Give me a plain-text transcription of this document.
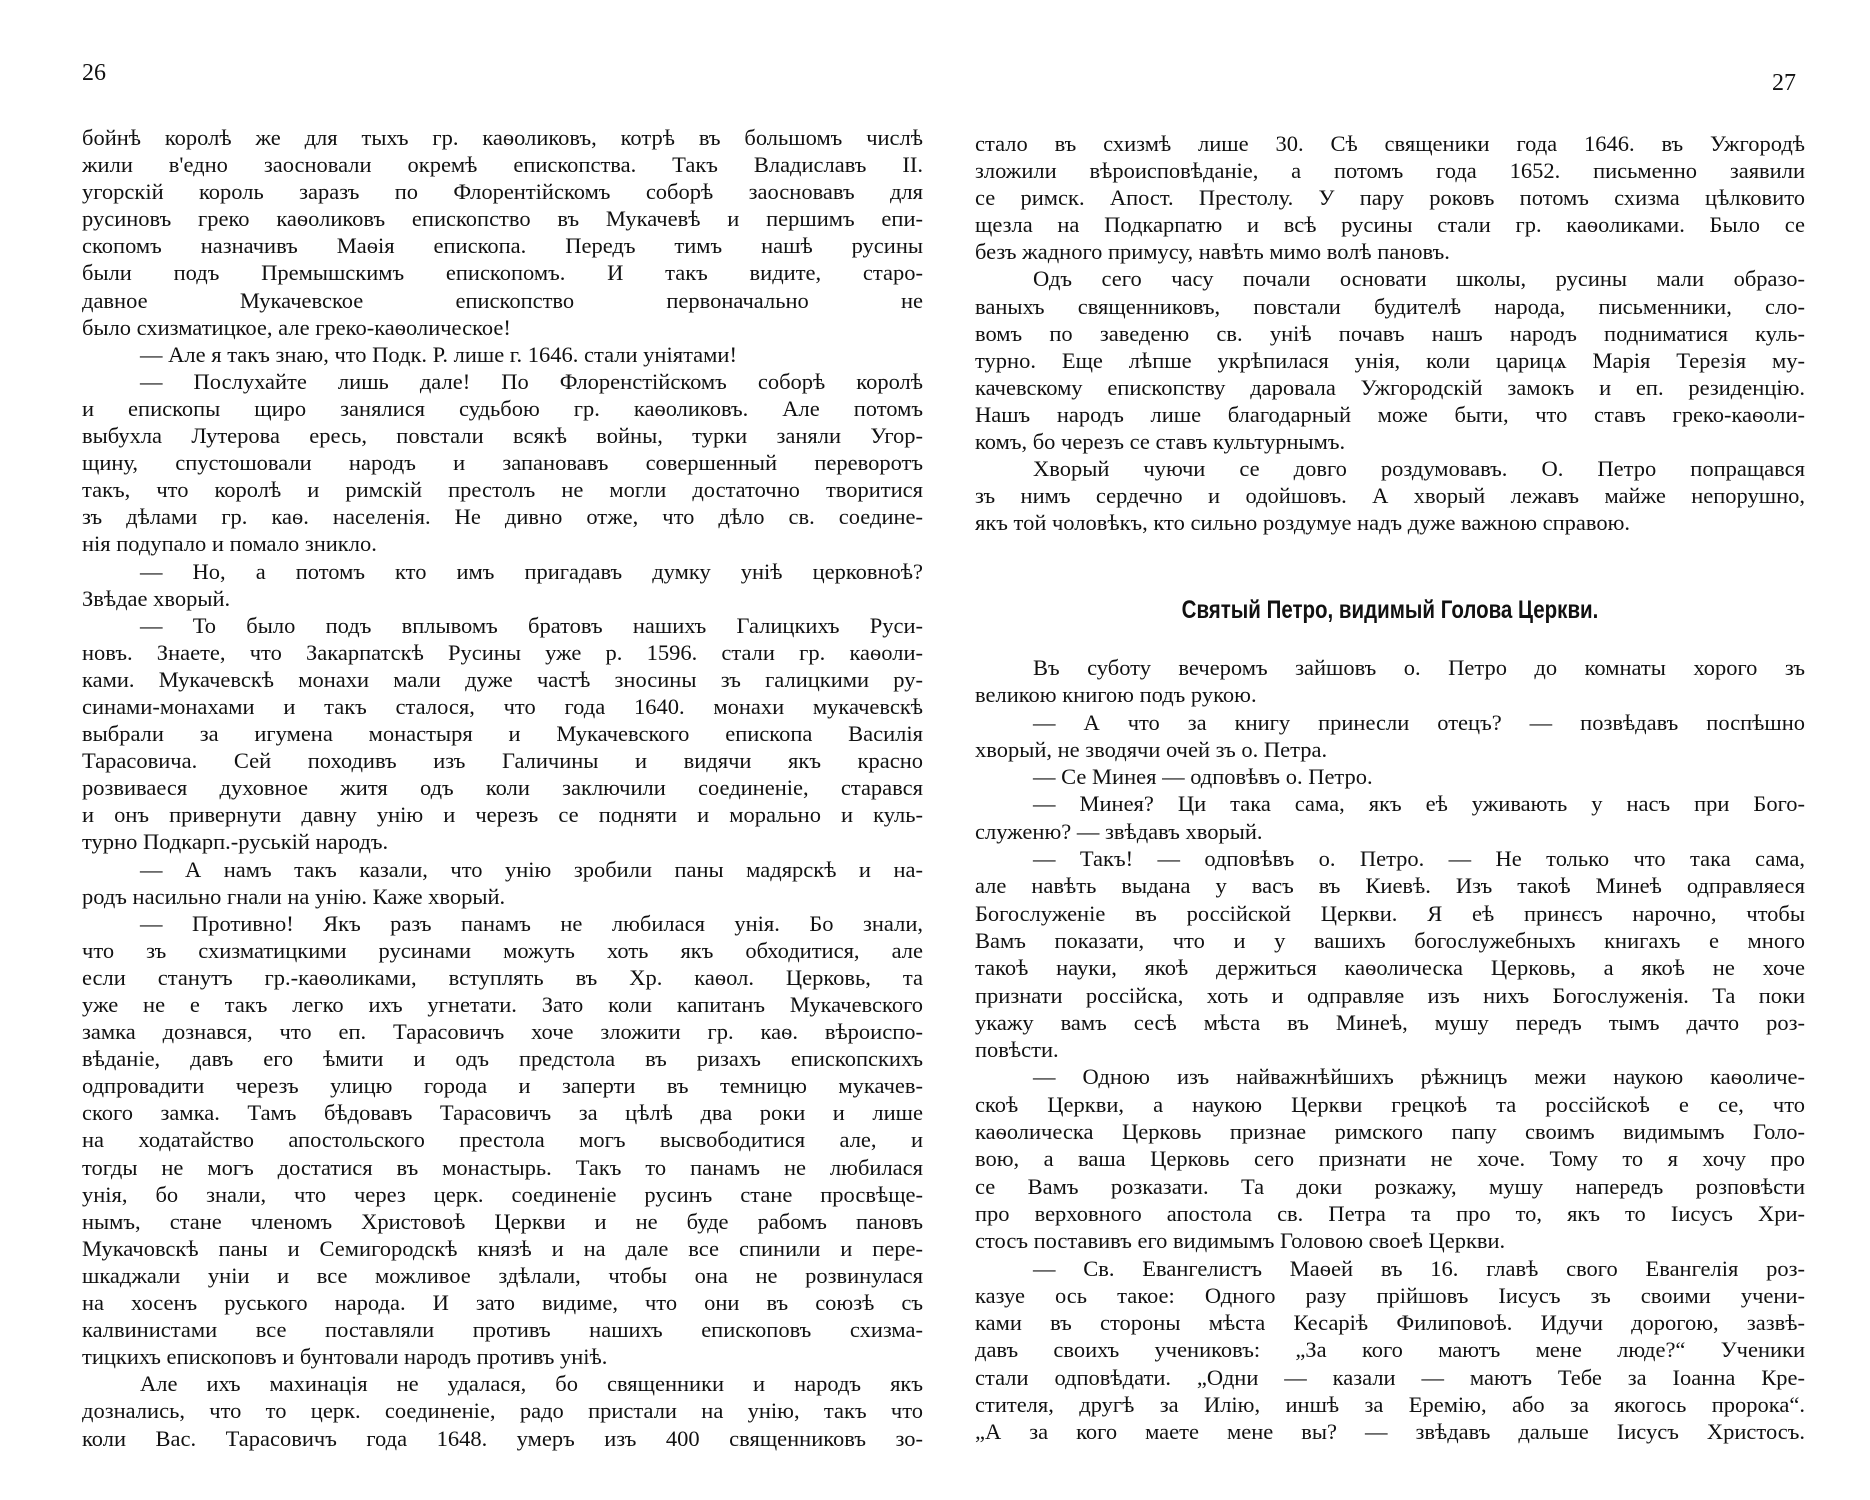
26	27
бойнѣ королѣ же для тыхъ гр. каѳоликовъ, котрѣ въ большомъ числѣ
жили в'едно заосновали окремѣ епископства. Такъ Владиславъ II.
угорскій король заразъ по Флорентійскомъ соборѣ заосновавъ для
русиновъ греко каѳоликовъ епископство въ Мукачевѣ и першимъ епи-
скопомъ назначивъ Маѳія епископа. Передъ тимъ нашѣ русины
были подъ Премышскимъ епископомъ. И такъ видите, старо-
давное Мукачевское епископство первоначально не
было схизматицкое, але греко-каѳолическое!
— Але я такъ знаю, что Подк. Р. лише г. 1646. стали уніятами!
— Послухайте лишь дале! По Флоренстійскомъ соборѣ королѣ
и епископы щиро занялися судьбою гр. каѳоликовъ. Але потомъ
выбухла Лутерова ересь, повстали всякѣ войны, турки заняли Угор-
щину, спустошовали народъ и запановавъ совершенный переворотъ
такъ, что королѣ и римскій престолъ не могли достаточно творитися
зъ дѣлами гр. каѳ. населенія. Не дивно отже, что дѣло св. соедине-
нія подупало и помало зникло.
— Но, а потомъ кто имъ пригадавъ думку уніѣ церковноѣ?
Звѣдае хворый.
— То было подъ вплывомъ братовъ нашихъ Галицкихъ Руси-
новъ. Знаете, что Закарпатскѣ Русины уже р. 1596. стали гр. каѳоли-
ками. Мукачевскѣ монахи мали дуже частѣ зносины зъ галицкими ру-
синами-монахами и такъ сталося, что года 1640. монахи мукачевскѣ
выбрали за игумена монастыря и Мукачевского епископа Василія
Тарасовича. Сей походивъ изъ Галичины и видячи якъ красно
розвиваеся духовное житя одъ коли заключили соединеніе, старався
и онъ привернути давну унію и черезъ се подняти и морально и куль-
турно Подкарп.-руській народъ.
— А намъ такъ казали, что унію зробили паны мадярскѣ и на-
родъ насильно гнали на унію. Каже хворый.
— Противно! Якъ разъ панамъ не любилася унія. Бо знали,
что зъ схизматицкими русинами можуть хоть якъ обходитися, але
если станутъ гр.-каѳоликами, вступлять въ Хр. каѳол. Церковь, та
уже не е такъ легко ихъ угнетати. Зато коли капитанъ Мукачевского
замка дознався, что еп. Тарасовичъ хоче зложити гр. каѳ. вѣроиспо-
вѣданіе, давъ его ѣмити и одъ предстола въ ризахъ епископскихъ
одпровадити черезъ улицю города и заперти въ темницю мукачев-
ского замка. Тамъ бѣдовавъ Тарасовичъ за цѣлѣ два роки и лише
на ходатайство апостольского престола могъ высвободитися але, и
тогды не могъ достатися въ монастырь. Такъ то панамъ не любилася
унія, бо знали, что через церк. соединеніе русинъ стане просвѣще-
нымъ, стане членомъ Христовоѣ Церкви и не буде рабомъ пановъ
Мукачовскѣ паны и Семигородскѣ князѣ и на дале все спинили и пере-
шкаджали уніи и все можливое здѣлали, чтобы она не розвинулася
на хосенъ руського народа. И зато видиме, что они въ союзѣ съ
калвинистами все поставляли противъ нашихъ епископовъ схизма-
тицкихъ епископовъ и бунтовали народъ противъ уніѣ.
Але ихъ махинація не удалася, бо священники и народъ якъ
дознались, что то церк. соединеніе, радо пристали на унію, такъ что
коли Вас. Тарасовичъ года 1648. умеръ изъ 400 священниковъ зо-
стало въ схизмѣ лише 30. Сѣ священики года 1646. въ Ужгородѣ
зложили вѣроисповѣданіе, а потомъ года 1652. письменно заявили
се римск. Апост. Престолу. У пару роковъ потомъ схизма цѣлковито
щезла на Подкарпатю и всѣ русины стали гр. каѳоликами. Было се
безъ жадного примусу, навѣть мимо волѣ пановъ.
Одъ сего часу почали основати школы, русины мали образо-
ваныхъ священниковъ, повстали будителѣ народа, письменники, сло-
вомъ по заведеню св. уніѣ почавъ нашъ народъ подниматися куль-
турно. Еще лѣпше укрѣпилася унія, коли царицѧ Марія Терезія му-
качевскому епископству даровала Ужгородскій замокъ и еп. резиденцію.
Нашъ народъ лише благодарный може быти, что ставъ греко-каѳоли-
комъ, бо черезъ се ставъ культурнымъ.
Хворый чуючи се довго роздумовавъ. О. Петро попращався
зъ нимъ сердечно и одойшовъ. А хворый лежавъ майже непорушно,
якъ той чоловѣкъ, кто сильно роздумуе надъ дуже важною справою.
Святый Петро, видимый Голова Церкви.
Въ суботу вечеромъ зайшовъ о. Петро до комнаты хорого зъ
великою книгою подъ рукою.
— А что за книгу принесли отецъ? — позвѣдавъ поспѣшно
хворый, не зводячи очей зъ о. Петра.
— Се Минея — одповѣвъ о. Петро.
— Минея? Ци така сама, якъ еѣ уживають у насъ при Бого-
служеню? — звѣдавъ хворый.
— Такъ! — одповѣвъ о. Петро. — Не только что така сама,
але навѣть выдана у васъ въ Киевѣ. Изъ такоѣ Минеѣ одправляеся
Богослуженіе въ россійской Церкви. Я еѣ принєсъ нарочно, чтобы
Вамъ показати, что и у вашихъ богослужебныхъ книгахъ е много
такоѣ науки, якоѣ держиться каѳолическа Церковь, а якоѣ не хоче
признати россійска, хоть и одправляе изъ нихъ Богослуженія. Та поки
укажу вамъ сесѣ мѣста въ Минеѣ, мушу передъ тымъ дачто роз-
повѣсти.
— Одною изъ найважнѣйшихъ рѣжницъ межи наукою каѳоличе-
скоѣ Церкви, а наукою Церкви грецкоѣ та россійскоѣ е се, что
каѳолическа Церковь признае римского папу своимъ видимымъ Голо-
вою, а ваша Церковь сего признати не хоче. Тому то я хочу про
се Вамъ розказати. Та доки розкажу, мушу напередъ розповѣсти
про верховного апостола св. Петра та про то, якъ то Іисусъ Хри-
стосъ поставивъ его видимымъ Головою своеѣ Церкви.
— Св. Евангелистъ Маѳей въ 16. главѣ свого Евангелія роз-
казуе ось такое: Одного разу прійшовъ Іисусъ зъ своими учени-
ками въ стороны мѣста Кесаріѣ Филиповоѣ. Идучи дорогою, зазвѣ-
давъ своихъ учениковъ: „За кого маютъ мене люде?“ Ученики
стали одповѣдати. „Одни — казали — маютъ Тебе за Іоанна Кре-
стителя, другѣ за Илію, иншѣ за Еремію, або за якогось пророка“.
„А за кого маете мене вы? — звѣдавъ дальше Іисусъ Христосъ.
